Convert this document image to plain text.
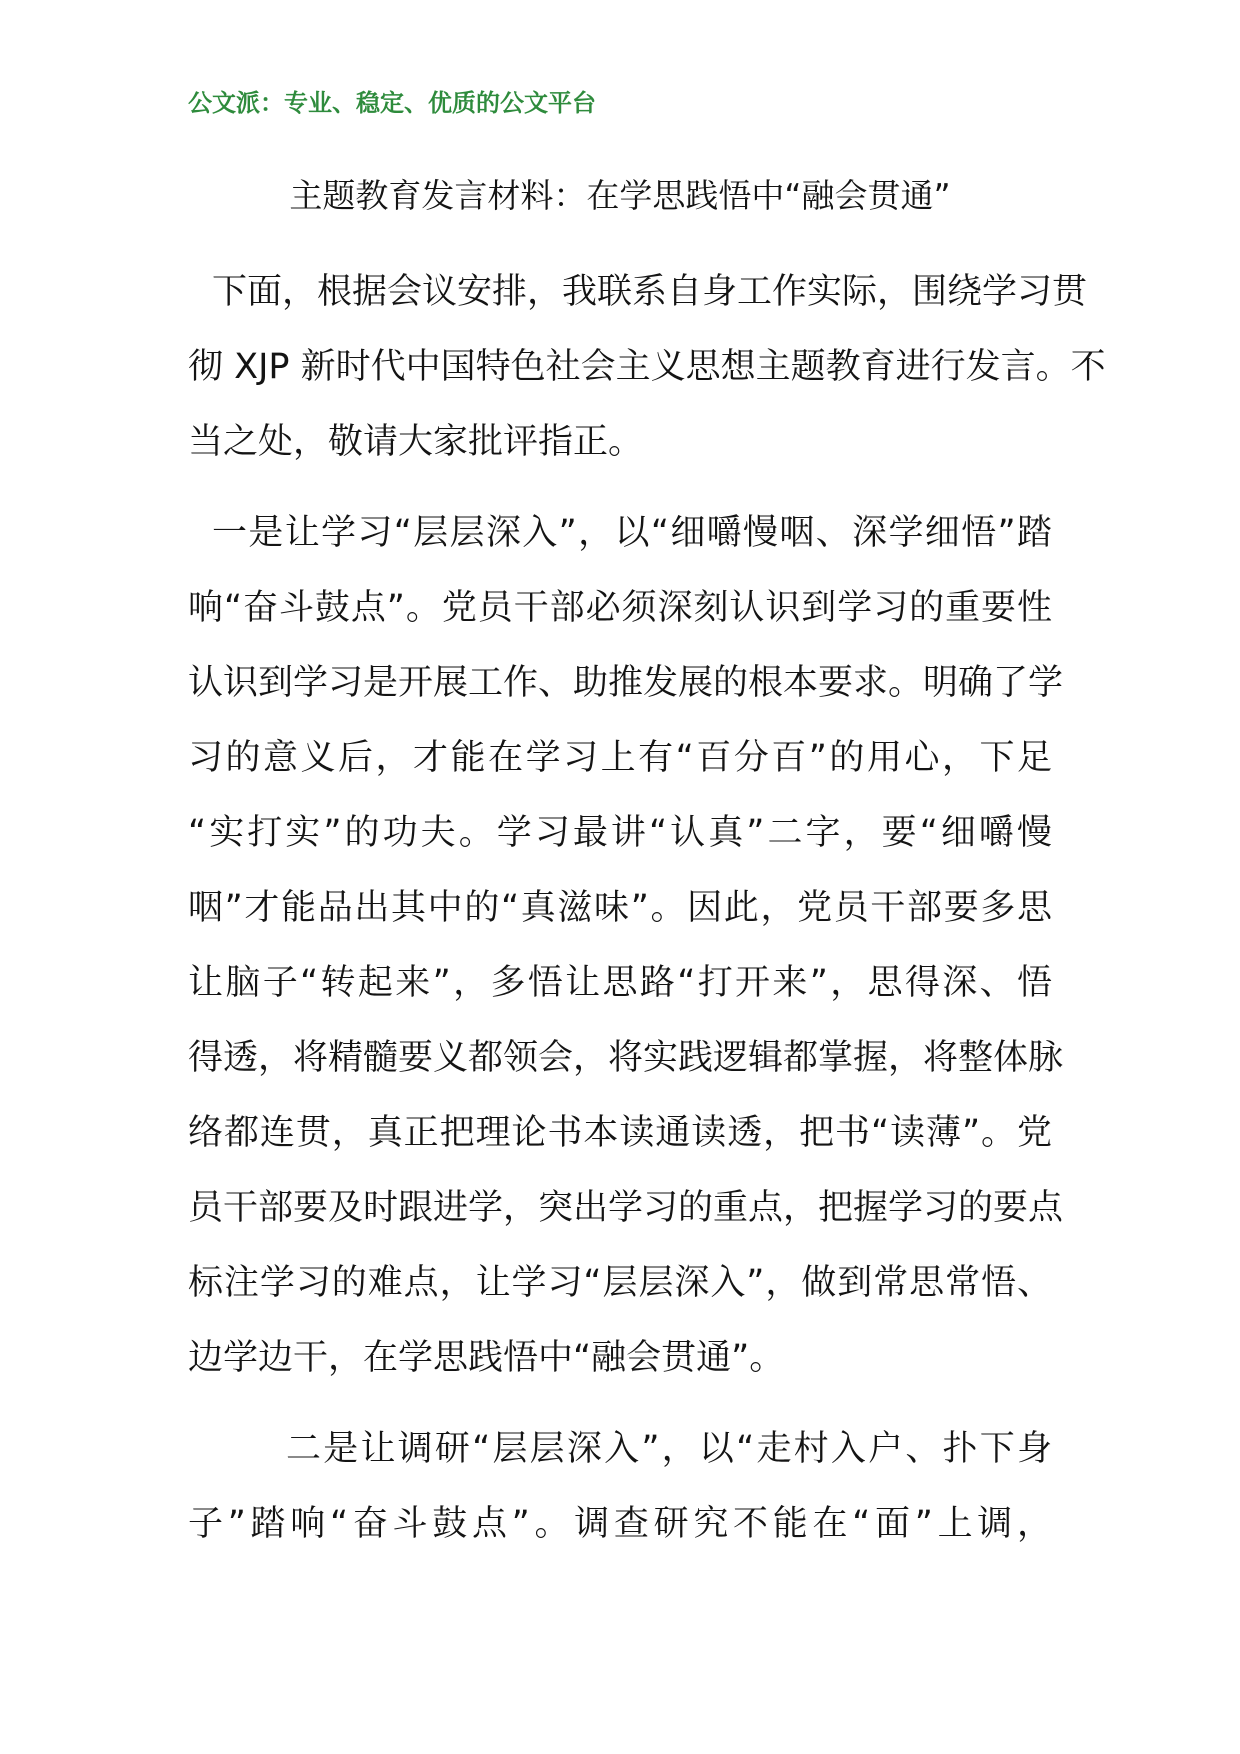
公文派：专业、稳定、优质的公文平台
主题教育发言材料：在学思践悟中“融会贯通”
下面，根据会议安排，我联系自身工作实际，围绕学习贯
彻 XJP 新时代中国特色社会主义思想主题教育进行发言。不
当之处，敬请大家批评指正。
一是让学习“层层深入”，以“细嚼慢咽、深学细悟”踏
响“奋斗鼓点”。党员干部必须深刻认识到学习的重要性
认识到学习是开展工作、助推发展的根本要求。明确了学
习的意义后，才能在学习上有“百分百”的用心，下足
“实打实”的功夫。学习最讲“认真”二字，要“细嚼慢
咽”才能品出其中的“真滋味”。因此，党员干部要多思
让脑子“转起来”，多悟让思路“打开来”，思得深、悟
得透，将精髓要义都领会，将实践逻辑都掌握，将整体脉
络都连贯，真正把理论书本读通读透，把书“读薄”。党
员干部要及时跟进学，突出学习的重点，把握学习的要点
标注学习的难点，让学习“层层深入”，做到常思常悟、
边学边干，在学思践悟中“融会贯通”。
二是让调研“层层深入”，以“走村入户、扑下身
子”踏响“奋斗鼓点”。调查研究不能在“面”上调，
